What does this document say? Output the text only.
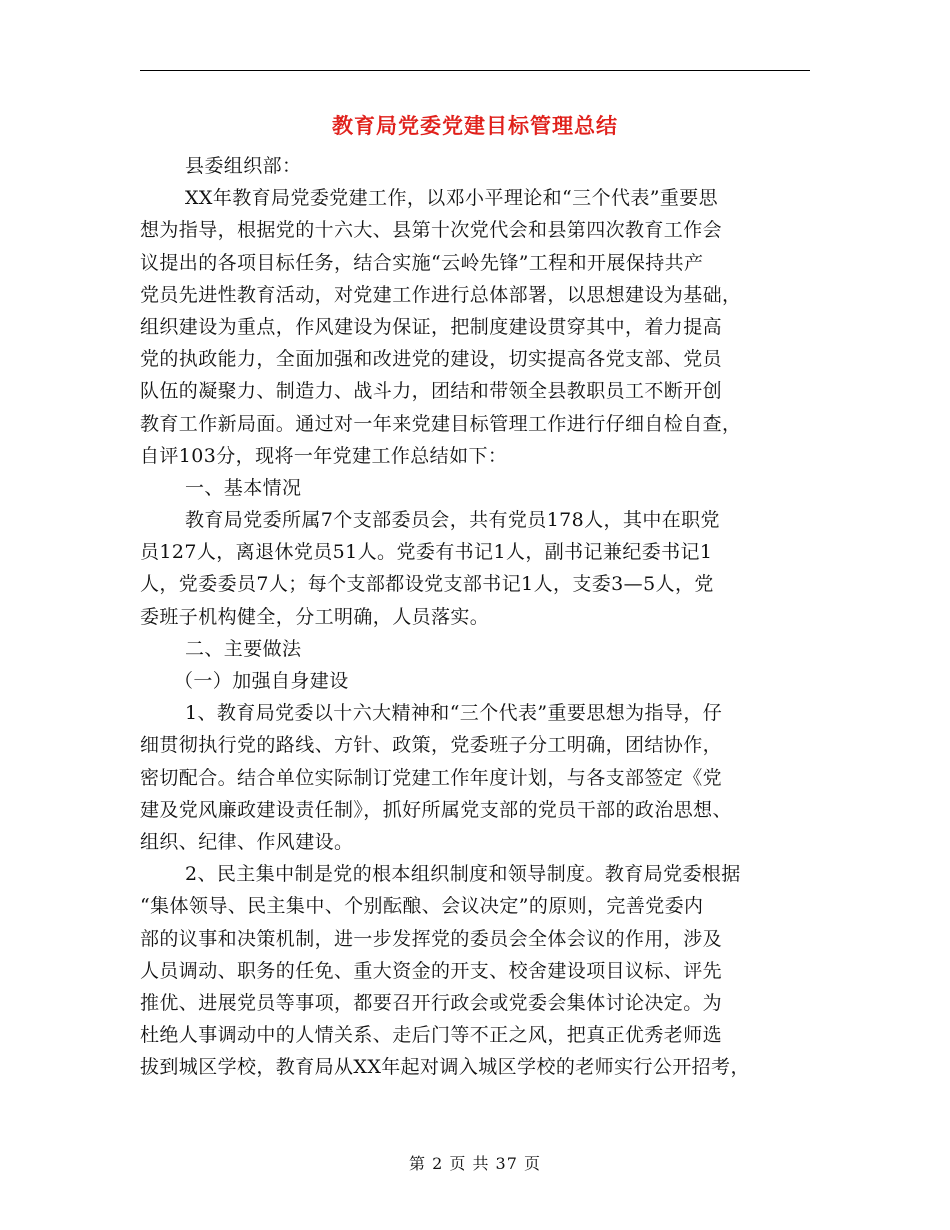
教育局党委党建目标管理总结
县委组织部：
XX年教育局党委党建工作，以邓小平理论和“三个代表”重要思
想为指导，根据党的十六大、县第十次党代会和县第四次教育工作会
议提出的各项目标任务，结合实施“云岭先锋”工程和开展保持共产
党员先进性教育活动，对党建工作进行总体部署，以思想建设为基础，
组织建设为重点，作风建设为保证，把制度建设贯穿其中，着力提高
党的执政能力，全面加强和改进党的建设，切实提高各党支部、党员
队伍的凝聚力、制造力、战斗力，团结和带领全县教职员工不断开创
教育工作新局面。通过对一年来党建目标管理工作进行仔细自检自查，
自评103分，现将一年党建工作总结如下：
一、基本情况
教育局党委所属7个支部委员会，共有党员178人，其中在职党
员127人，离退休党员51人。党委有书记1人，副书记兼纪委书记1
人，党委委员7人；每个支部都设党支部书记1人，支委3—5人，党
委班子机构健全，分工明确，人员落实。
二、主要做法
（一）加强自身建设
1、教育局党委以十六大精神和“三个代表”重要思想为指导，仔
细贯彻执行党的路线、方针、政策，党委班子分工明确，团结协作，
密切配合。结合单位实际制订党建工作年度计划，与各支部签定《党
建及党风廉政建设责任制》，抓好所属党支部的党员干部的政治思想、
组织、纪律、作风建设。
2、民主集中制是党的根本组织制度和领导制度。教育局党委根据
“集体领导、民主集中、个别酝酿、会议决定”的原则，完善党委内
部的议事和决策机制，进一步发挥党的委员会全体会议的作用，涉及
人员调动、职务的任免、重大资金的开支、校舍建设项目议标、评先
推优、进展党员等事项，都要召开行政会或党委会集体讨论决定。为
杜绝人事调动中的人情关系、走后门等不正之风，把真正优秀老师选
拔到城区学校，教育局从XX年起对调入城区学校的老师实行公开招考，
第 2 页 共 37 页
